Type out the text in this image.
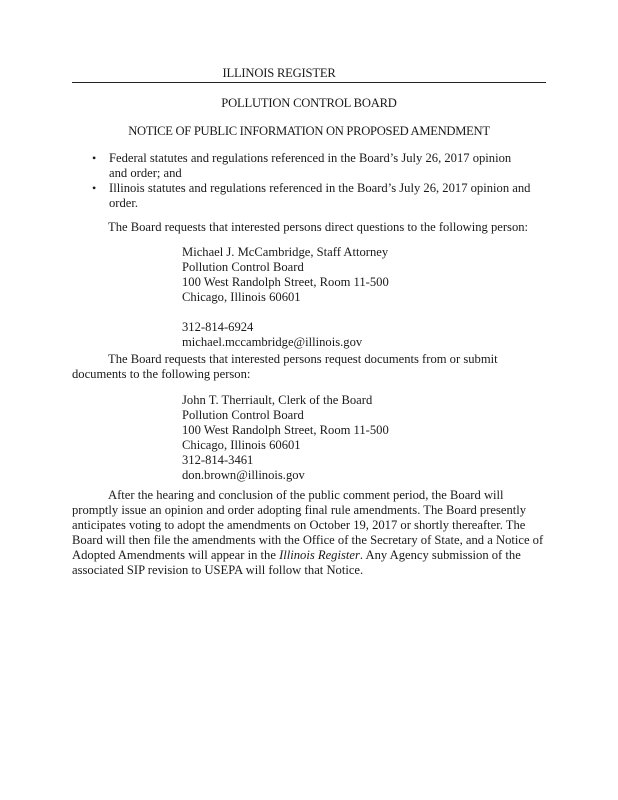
ILLINOIS REGISTER
POLLUTION CONTROL BOARD
NOTICE OF PUBLIC INFORMATION ON PROPOSED AMENDMENT
• Federal statutes and regulations referenced in the Board’s July 26, 2017 opinion and order; and
• Illinois statutes and regulations referenced in the Board’s July 26, 2017 opinion and order.

The Board requests that interested persons direct questions to the following person:

Michael J. McCambridge, Staff Attorney
Pollution Control Board
100 West Randolph Street, Room 11-500
Chicago, Illinois 60601
312-814-6924
michael.mccambridge@illinois.gov

The Board requests that interested persons request documents from or submit documents to the following person:

John T. Therriault, Clerk of the Board
Pollution Control Board
100 West Randolph Street, Room 11-500
Chicago, Illinois 60601
312-814-3461
don.brown@illinois.gov

After the hearing and conclusion of the public comment period, the Board will promptly issue an opinion and order adopting final rule amendments. The Board presently anticipates voting to adopt the amendments on October 19, 2017 or shortly thereafter. The Board will then file the amendments with the Office of the Secretary of State, and a Notice of Adopted Amendments will appear in the Illinois Register. Any Agency submission of the associated SIP revision to USEPA will follow that Notice.
